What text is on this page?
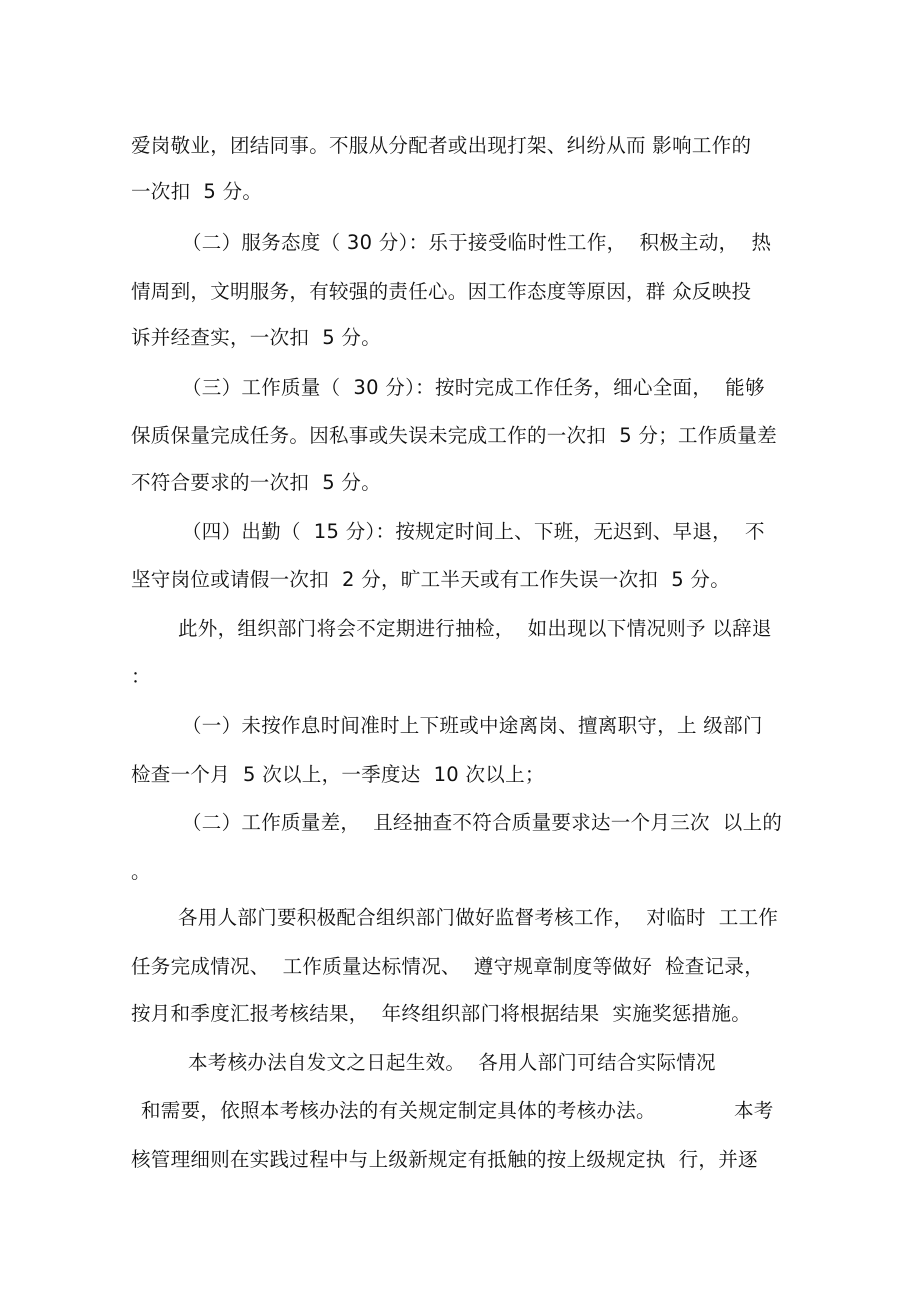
爱岗敬业，团结同事。不服从分配者或出现打架、纠纷从而 影响工作的
一次扣  5 分。
（二）服务态度（ 30 分）：乐于接受临时性工作，  积极主动，  热
情周到，文明服务，有较强的责任心。因工作态度等原因，群 众反映投
诉并经查实，一次扣  5 分。
（三）工作质量（  30 分）：按时完成工作任务，细心全面，  能够
保质保量完成任务。因私事或失误未完成工作的一次扣  5 分；工作质量差
不符合要求的一次扣  5 分。
（四）出勤（  15 分）：按规定时间上、下班，无迟到、早退，  不
坚守岗位或请假一次扣  2 分，旷工半天或有工作失误一次扣  5 分。
此外，组织部门将会不定期进行抽检，  如出现以下情况则予 以辞退
：
（一）未按作息时间准时上下班或中途离岗、擅离职守，上 级部门
检查一个月  5 次以上，一季度达  10 次以上；
（二）工作质量差，  且经抽查不符合质量要求达一个月三次  以上的
。
各用人部门要积极配合组织部门做好监督考核工作，  对临时  工工作
任务完成情况、  工作质量达标情况、  遵守规章制度等做好  检查记录，
按月和季度汇报考核结果，  年终组织部门将根据结果  实施奖惩措施。
本考核办法自发文之日起生效。  各用人部门可结合实际情况
和需要，依照本考核办法的有关规定制定具体的考核办法。	本考
核管理细则在实践过程中与上级新规定有抵触的按上级规定执  行，并逐
